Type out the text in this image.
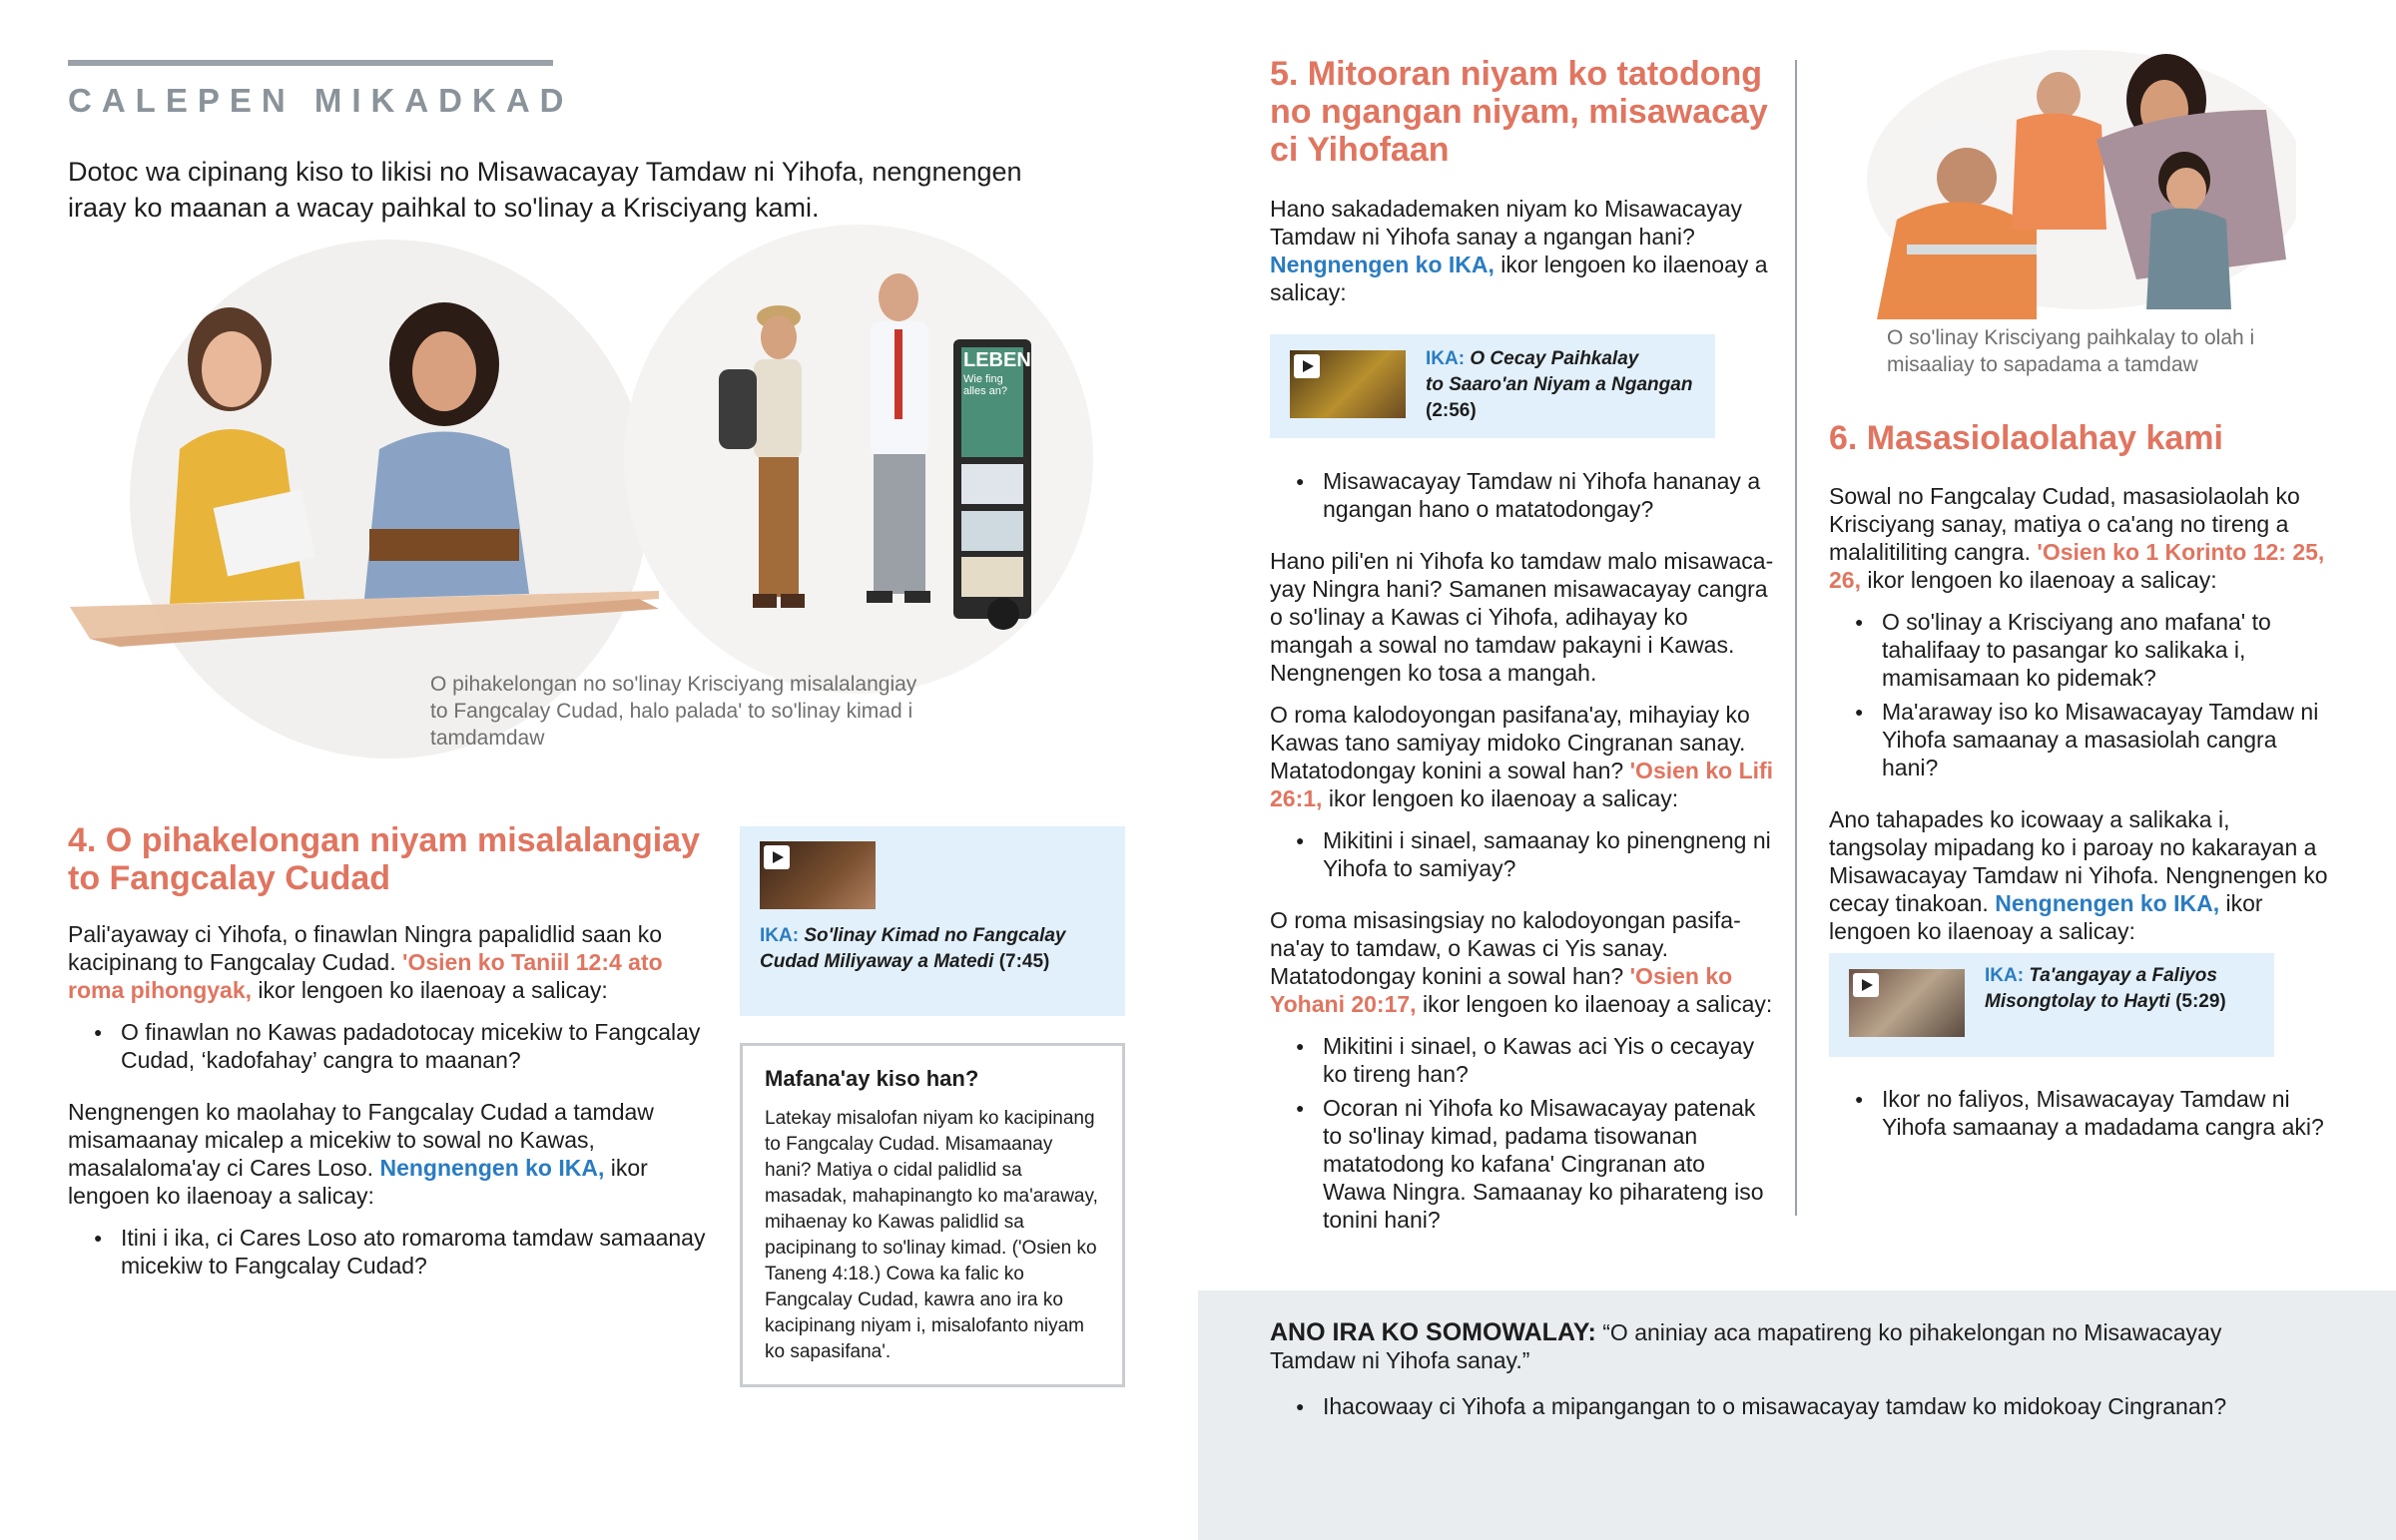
CALEPEN MIKADKAD
Dotoc wa cipinang kiso to likisi no Misawacayay Tamdaw ni Yihofa, nengnengen iraay ko maanan a wacay paihkal to so'linay a Krisciyang kami.
LEBEN
Wie fing alles an?
O pihakelongan no so'linay Krisciyang misalalangiay to Fangcalay Cudad, halo palada' to so'linay kimad i tamdamdaw
4. O pihakelongan niyam misalalangiay to Fangcalay Cudad

Pali'ayaway ci Yihofa, o finawlan Ningra papalidlid saan ko kacipinang to Fangcalay Cudad. 'Osien ko Taniil 12:4 ato roma pihongyak, ikor lengoen ko ilaenoay a salicay:

● O finawlan no Kawas padadotocay micekiw to Fangcalay Cudad, ‘kadofahay’ cangra to maanan?

Nengnengen ko maolahay to Fangcalay Cudad a tamdaw misamaanay micalep a micekiw to sowal no Kawas, masalaloma'ay ci Cares Loso. Nengnengen ko IKA, ikor lengoen ko ilaenoay a salicay:

● Itini i ika, ci Cares Loso ato romaroma tamdaw samaanay micekiw to Fangcalay Cudad?
IKA: So'linay Kimad no Fangcalay Cudad Miliyaway a Matedi (7:45)
Mafana'ay kiso han?
Latekay misalofan niyam ko kacipinang to Fangcalay Cudad. Misamaanay hani? Matiya o cidal palidlid sa masadak, mahapinangto ko ma'araway, mihaenay ko Kawas palidlid sa pacipinang to so'linay kimad. ('Osien ko Taneng 4:18.) Cowa ka falic ko Fangcalay Cudad, kawra ano ira ko kacipinang niyam i, misalofanto niyam ko sapasifana'.
5. Mitooran niyam ko tatodong no ngangan niyam, misawacay ci Yihofaan

Hano sakadademaken niyam ko Misawacayay Tamdaw ni Yihofa sanay a ngangan hani? Nengnengen ko IKA, ikor lengoen ko ilaenoay a salicay:

IKA: O Cecay Paihkalay
to Saaro'an Niyam a Ngangan
(2:56)
● Misawacayay Tamdaw ni Yihofa hananay a ngangan hano o matatodongay?

Hano pili'en ni Yihofa ko tamdaw malo misawacayay Ningra hani? Samanen misawacayay cangra o so'linay a Kawas ci Yihofa, adihayay ko mangah a sowal no tamdaw pakayni i Kawas. Nengnengen ko tosa a mangah.

O roma kalodoyongan pasifana'ay, mihayiay ko Kawas tano samiyay midoko Cingranan sanay. Matatodongay konini a sowal han? 'Osien ko Lifi 26:1, ikor lengoen ko ilaenoay a salicay:

● Mikitini i sinael, samaanay ko pinengneng ni Yihofa to samiyay?

O roma misasingsiay no kalodoyongan pasifana'ay to tamdaw, o Kawas ci Yis sanay. Matatodongay konini a sowal han? 'Osien ko Yohani 20:17, ikor lengoen ko ilaenoay a salicay:

● Mikitini i sinael, o Kawas aci Yis o cecayay ko tireng han?
● Ocoran ni Yihofa ko Misawacayay patenak to so'linay kimad, padama tisowanan matatodong ko kafana' Cingranan ato Wawa Ningra. Samaanay ko piharateng iso tonini hani?
O so'linay Krisciyang paihkalay to olah i misaaliay to sapadama a tamdaw
6. Masasiolaolahay kami

Sowal no Fangcalay Cudad, masasiolaolah ko Krisciyang sanay, matiya o ca'ang no tireng a malalitiliting cangra. 'Osien ko 1 Korinto 12: 25, 26, ikor lengoen ko ilaenoay a salicay:

● O so'linay a Krisciyang ano mafana' to tahalifaay to pasangar ko salikaka i, mamisamaan ko pidemak?
● Ma'araway iso ko Misawacayay Tamdaw ni Yihofa samaanay a masasiolah cangra hani?

Ano tahapades ko icowaay a salikaka i, tangsolay mipadang ko i paroay no kakarayan a Misawacayay Tamdaw ni Yihofa. Nengnengen ko cecay tinakoan. Nengnengen ko IKA, ikor lengoen ko ilaenoay a salicay:

IKA: Ta'angayay a Faliyos
Misongtolay to Hayti (5:29)
● Ikor no faliyos, Misawacayay Tamdaw ni Yihofa samaanay a madadama cangra aki?
ANO IRA KO SOMOWALAY: “O aniniay aca mapatireng ko pihakelongan no Misawacayay Tamdaw ni Yihofa sanay.”
● Ihacowaay ci Yihofa a mipangangan to o misawacayay tamdaw ko midokoay Cingranan?
